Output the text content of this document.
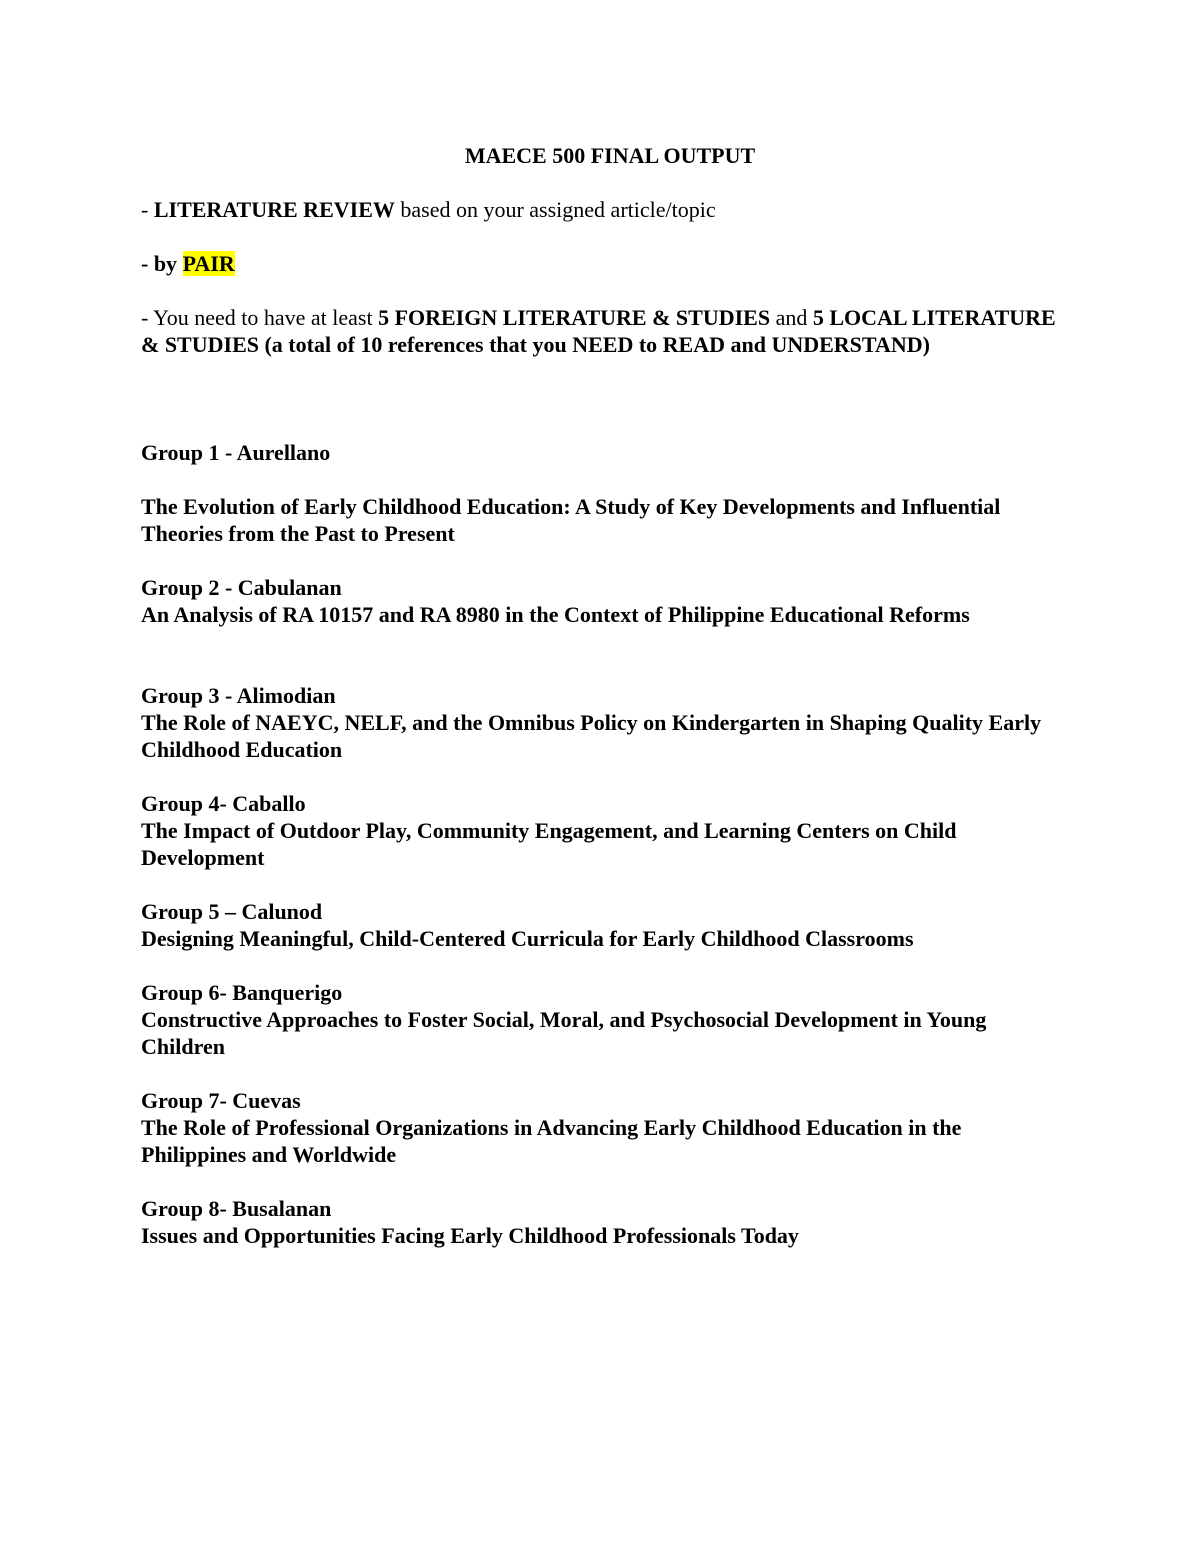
MAECE 500 FINAL OUTPUT
- LITERATURE REVIEW based on your assigned article/topic
- by PAIR
- You need to have at least 5 FOREIGN LITERATURE & STUDIES and 5 LOCAL LITERATURE & STUDIES (a total of 10 references that you NEED to READ and UNDERSTAND)
Group 1 - Aurellano
The Evolution of Early Childhood Education: A Study of Key Developments and Influential Theories from the Past to Present
Group 2 - Cabulanan
An Analysis of RA 10157 and RA 8980 in the Context of Philippine Educational Reforms
Group 3 - Alimodian
The Role of NAEYC, NELF, and the Omnibus Policy on Kindergarten in Shaping Quality Early Childhood Education
Group 4- Caballo
The Impact of Outdoor Play, Community Engagement, and Learning Centers on Child Development
Group 5 – Calunod
Designing Meaningful, Child-Centered Curricula for Early Childhood Classrooms
Group 6- Banquerigo
Constructive Approaches to Foster Social, Moral, and Psychosocial Development in Young Children
Group 7- Cuevas
The Role of Professional Organizations in Advancing Early Childhood Education in the Philippines and Worldwide
Group 8- Busalanan
Issues and Opportunities Facing Early Childhood Professionals Today
